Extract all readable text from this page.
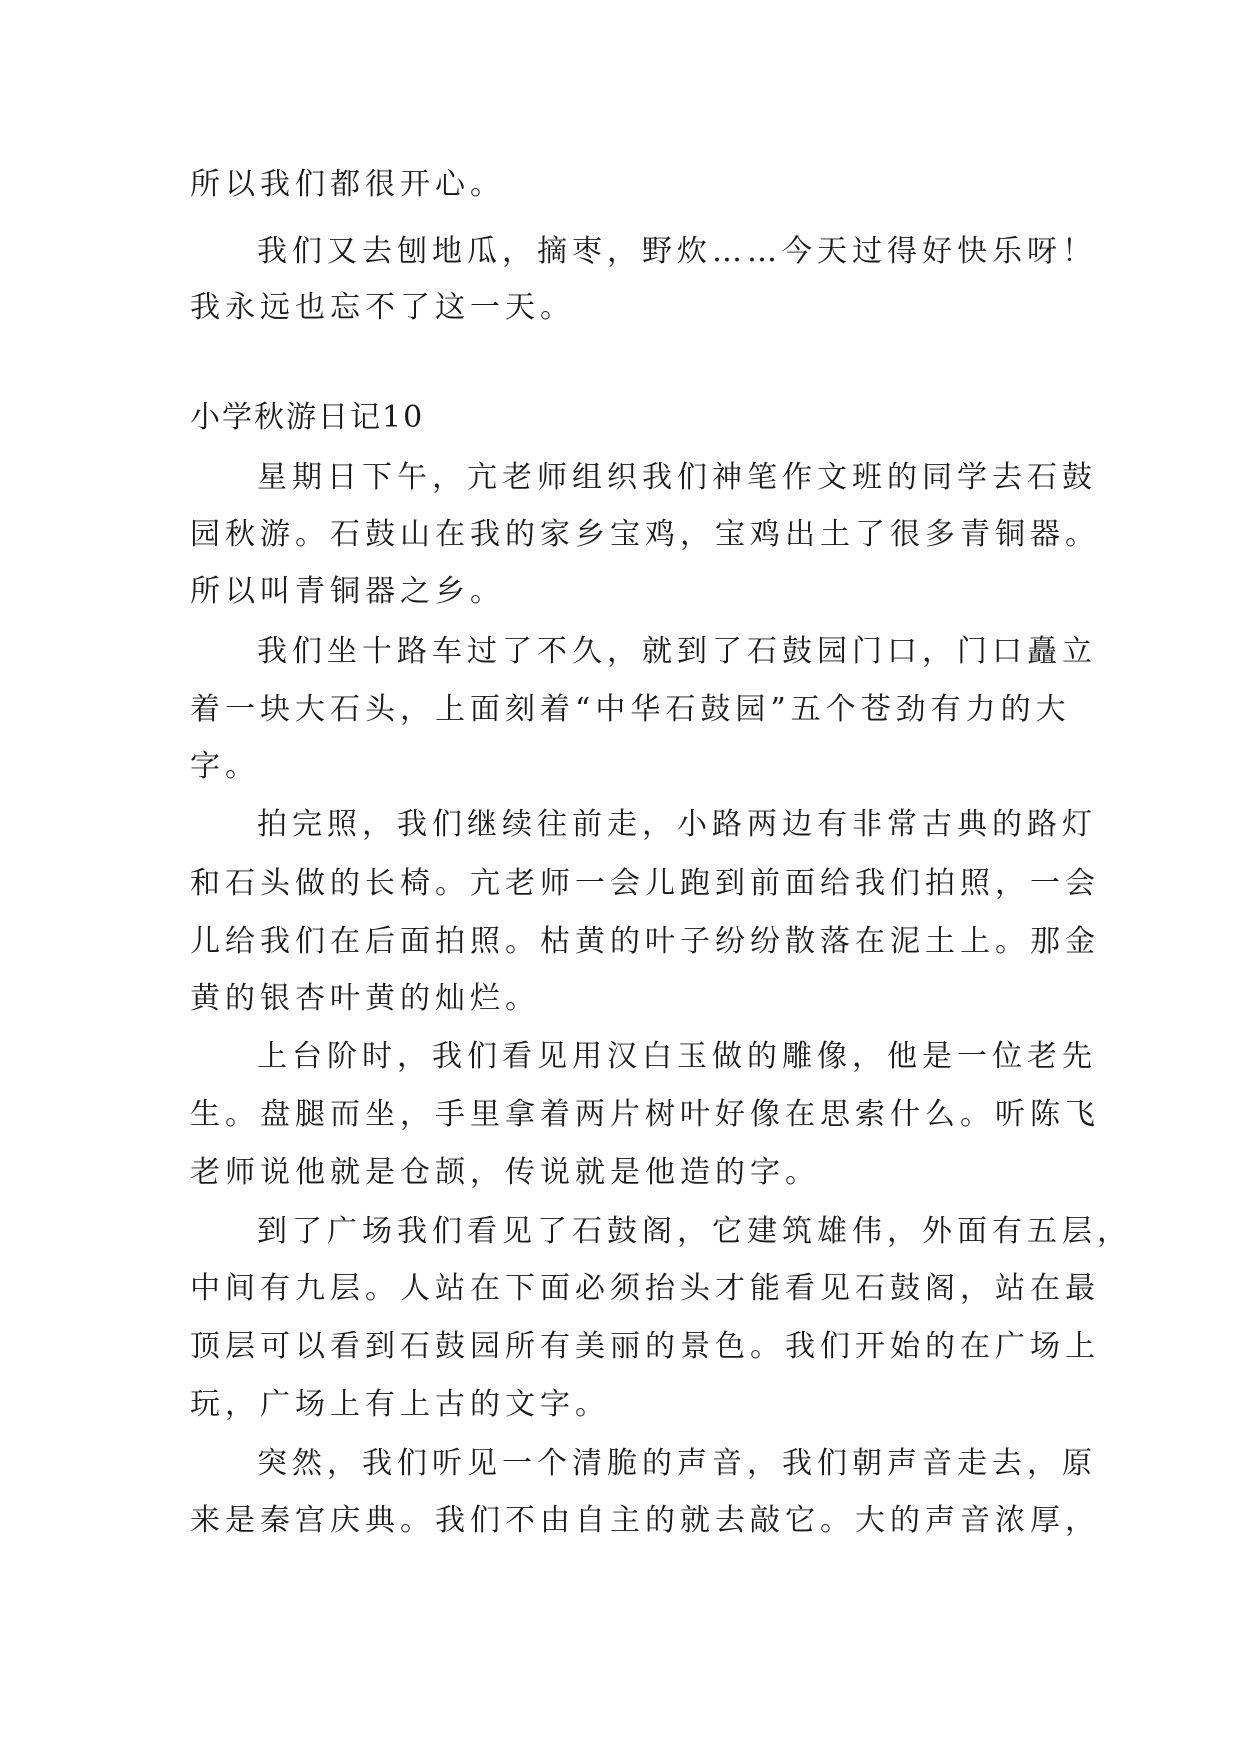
所以我们都很开心。

我们又去刨地瓜，摘枣，野炊……今天过得好快乐呀！

我永远也忘不了这一天。

小学秋游日记10

星期日下午，亢老师组织我们神笔作文班的同学去石鼓

园秋游。石鼓山在我的家乡宝鸡，宝鸡出土了很多青铜器。

所以叫青铜器之乡。

我们坐十路车过了不久，就到了石鼓园门口，门口矗立

着一块大石头，上面刻着“中华石鼓园”五个苍劲有力的大

字。

拍完照，我们继续往前走，小路两边有非常古典的路灯

和石头做的长椅。亢老师一会儿跑到前面给我们拍照，一会

儿给我们在后面拍照。枯黄的叶子纷纷散落在泥土上。那金

黄的银杏叶黄的灿烂。

上台阶时，我们看见用汉白玉做的雕像，他是一位老先

生。盘腿而坐，手里拿着两片树叶好像在思索什么。听陈飞

老师说他就是仓颉，传说就是他造的字。

到了广场我们看见了石鼓阁，它建筑雄伟，外面有五层，

中间有九层。人站在下面必须抬头才能看见石鼓阁，站在最

顶层可以看到石鼓园所有美丽的景色。我们开始的在广场上

玩，广场上有上古的文字。

突然，我们听见一个清脆的声音，我们朝声音走去，原

来是秦宫庆典。我们不由自主的就去敲它。大的声音浓厚，
